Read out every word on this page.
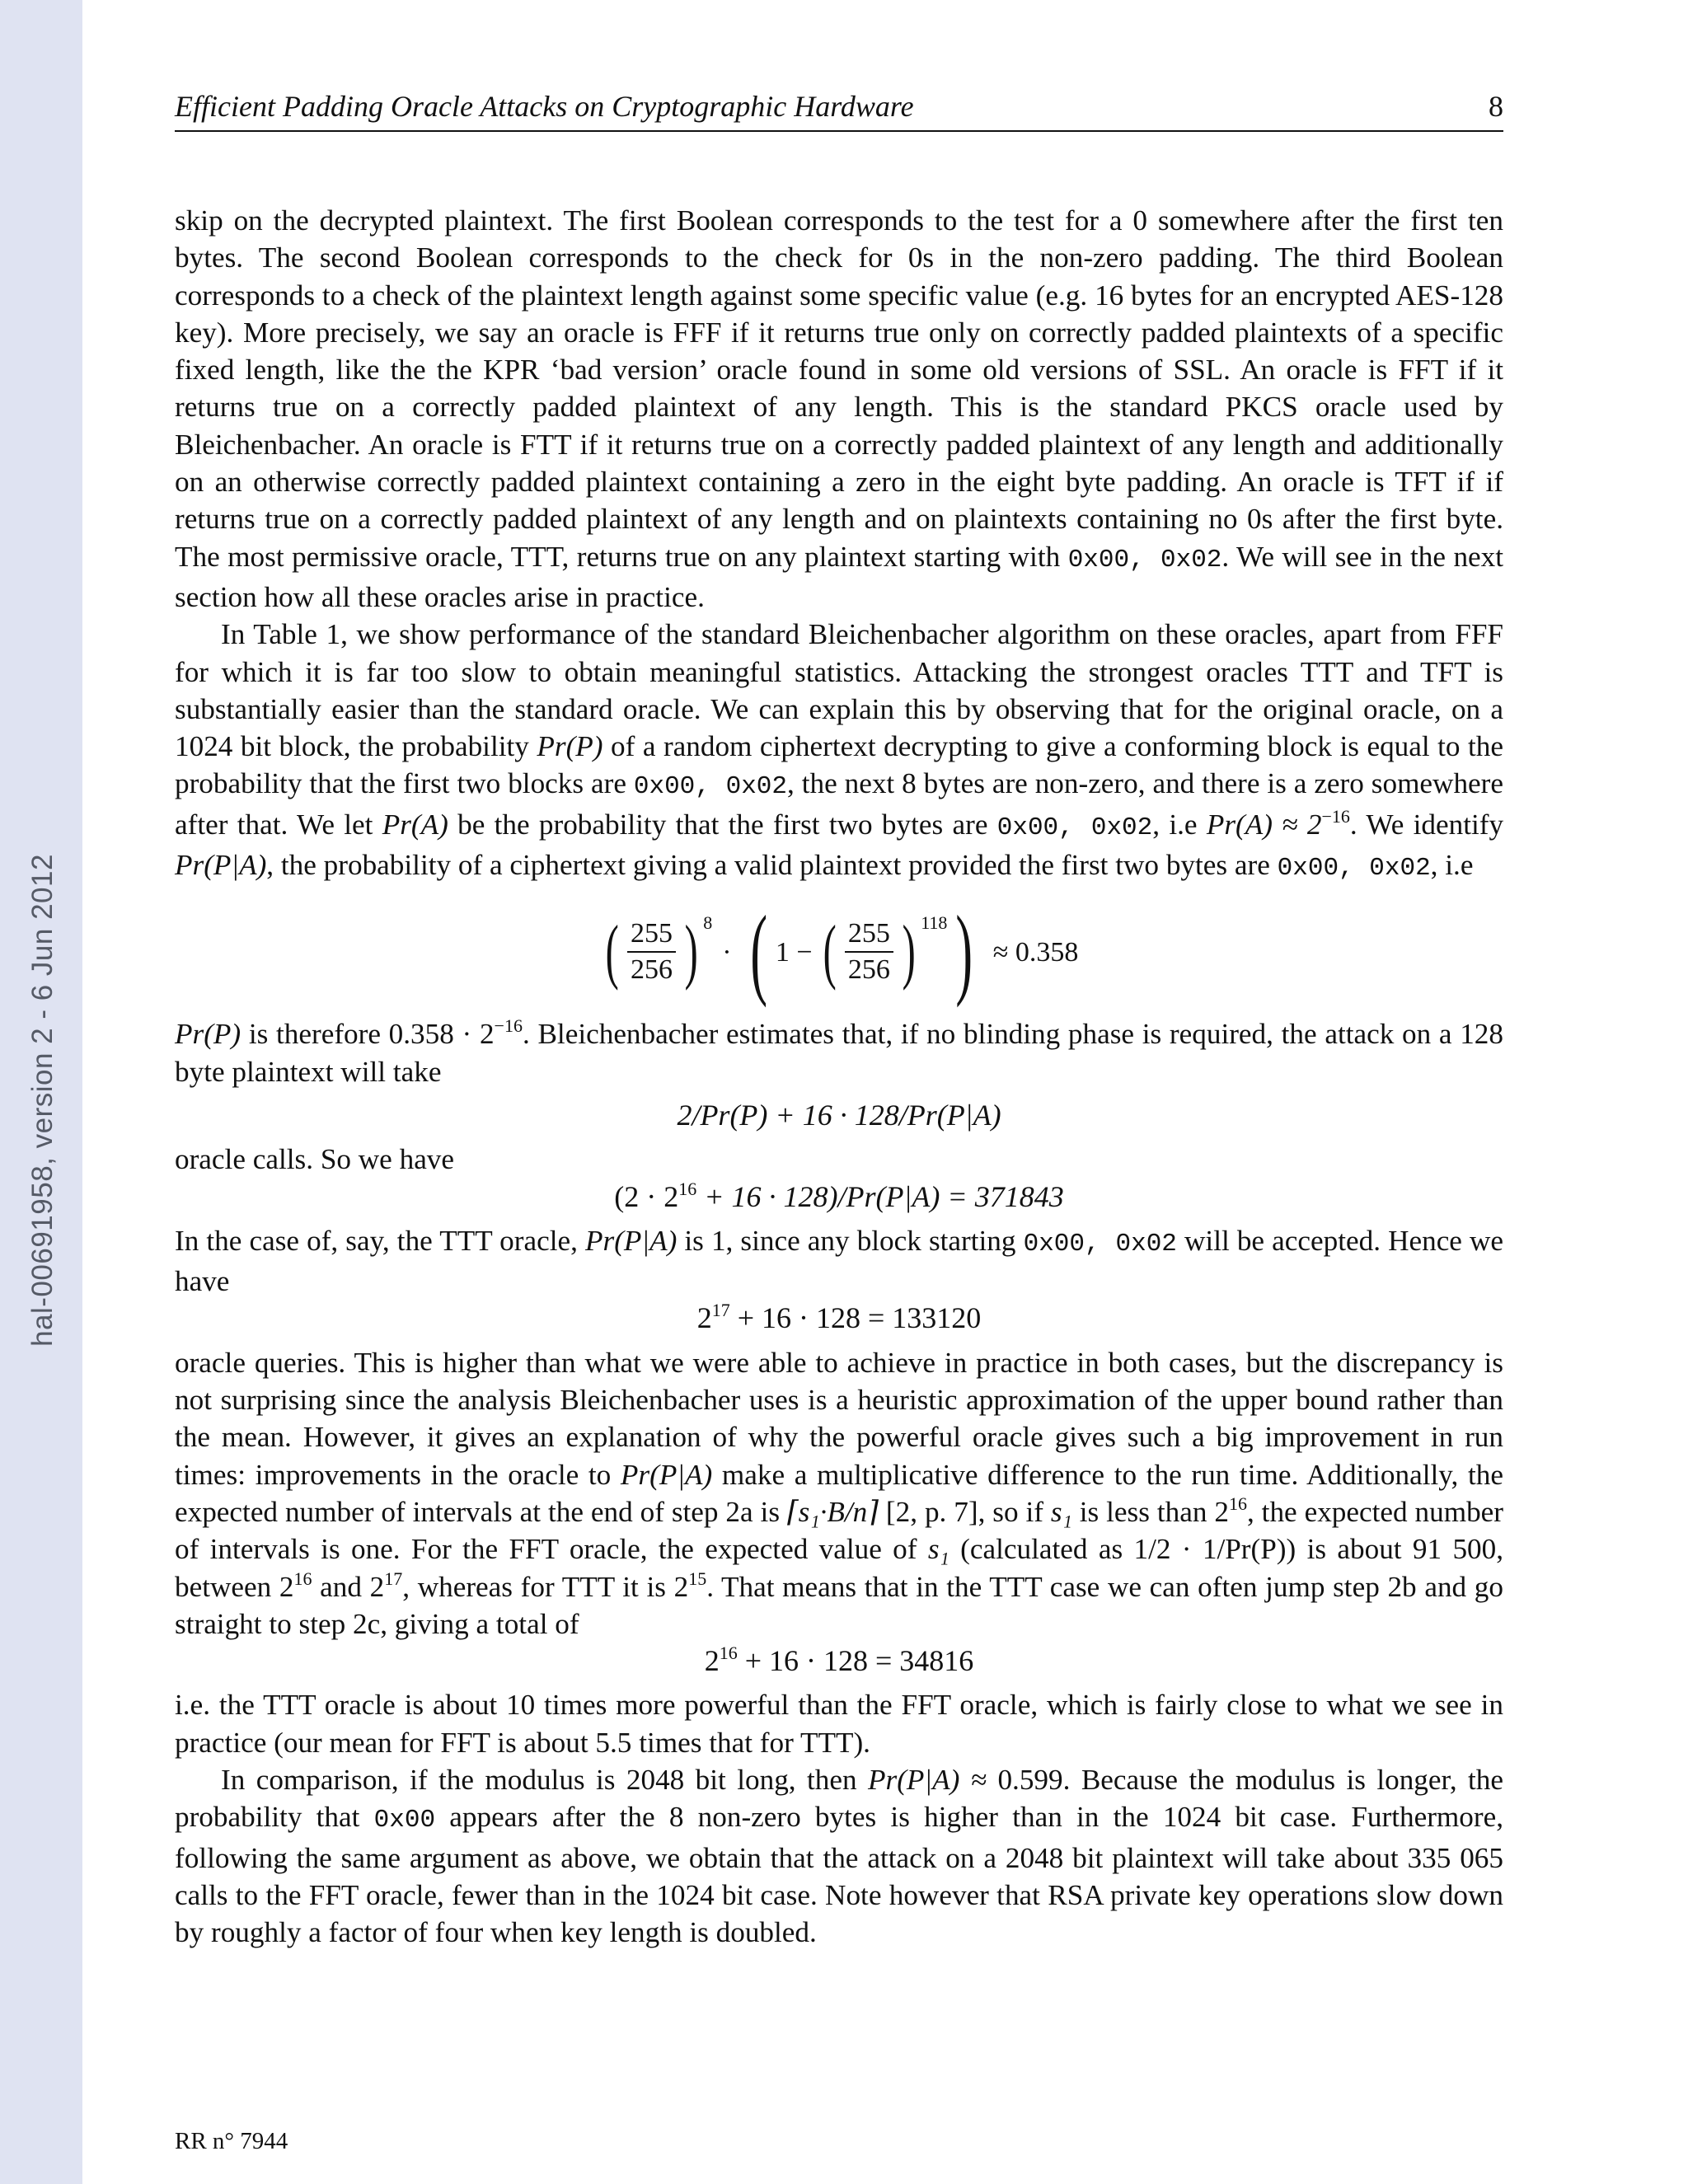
hal-00691958, version 2 - 6 Jun 2012
Efficient Padding Oracle Attacks on Cryptographic Hardware	8

skip on the decrypted plaintext. The first Boolean corresponds to the test for a 0 somewhere after the first ten bytes. The second Boolean corresponds to the check for 0s in the non-zero padding. The third Boolean corresponds to a check of the plaintext length against some specific value (e.g. 16 bytes for an encrypted AES-128 key). More precisely, we say an oracle is FFF if it returns true only on correctly padded plaintexts of a specific fixed length, like the the KPR ‘bad version’ oracle found in some old versions of SSL. An oracle is FFT if it returns true on a correctly padded plaintext of any length. This is the standard PKCS oracle used by Bleichenbacher. An oracle is FTT if it returns true on a correctly padded plaintext of any length and additionally on an otherwise correctly padded plaintext containing a zero in the eight byte padding. An oracle is TFT if if returns true on a correctly padded plaintext of any length and on plaintexts containing no 0s after the first byte. The most permissive oracle, TTT, returns true on any plaintext starting with 0x00, 0x02. We will see in the next section how all these oracles arise in practice.

In Table 1, we show performance of the standard Bleichenbacher algorithm on these oracles, apart from FFF for which it is far too slow to obtain meaningful statistics. Attacking the strongest oracles TTT and TFT is substantially easier than the standard oracle. We can explain this by observing that for the original oracle, on a 1024 bit block, the probability Pr(P) of a random ciphertext decrypting to give a conforming block is equal to the probability that the first two blocks are 0x00, 0x02, the next 8 bytes are non-zero, and there is a zero somewhere after that. We let Pr(A) be the probability that the first two bytes are 0x00, 0x02, i.e $Pr(A) \approx 2^{-16}$. We identify Pr(P|A), the probability of a ciphertext giving a valid plaintext provided the first two bytes are 0x00, 0x02, i.e

( $\frac{255}{256}$ ) $^8$
· ( 1 − ( $\frac{255}{256}$ ) $^{118}$ ) ≈ 0.358

Pr(P) is therefore $0.358 \cdot 2^{-16}$. Bleichenbacher estimates that, if no blinding phase is required, the attack on a 128 byte plaintext will take

2/Pr(P) + 16 · 128/Pr(P|A)

oracle calls. So we have

$(2 \cdot 2^{16} + 16 \cdot 128)/Pr(P|A) = 371843$

In the case of, say, the TTT oracle, Pr(P|A) is 1, since any block starting 0x00, 0x02 will be accepted. Hence we have

$2^{17} + 16 \cdot 128 = 133120$

oracle queries. This is higher than what we were able to achieve in practice in both cases, but the discrepancy is not surprising since the analysis Bleichenbacher uses is a heuristic approximation of the upper bound rather than the mean. However, it gives an explanation of why the powerful oracle gives such a big improvement in run times: improvements in the oracle to Pr(P|A) make a multiplicative difference to the run time. Additionally, the expected number of intervals at the end of step 2a is ⌈s₁·B/n⌉ [2, p. 7], so if s₁ is less than $2^{16}$, the expected number of intervals is one. For the FFT oracle, the expected value of s₁ (calculated as 1/2 · 1/Pr(P)) is about 91 500, between $2^{16}$ and $2^{17}$, whereas for TTT it is $2^{15}$. That means that in the TTT case we can often jump step 2b and go straight to step 2c, giving a total of

$2^{16} + 16 \cdot 128 = 34816$

i.e. the TTT oracle is about 10 times more powerful than the FFT oracle, which is fairly close to what we see in practice (our mean for FFT is about 5.5 times that for TTT).

In comparison, if the modulus is 2048 bit long, then Pr(P|A) ≈ 0.599. Because the modulus is longer, the probability that 0x00 appears after the 8 non-zero bytes is higher than in the 1024 bit case. Furthermore, following the same argument as above, we obtain that the attack on a 2048 bit plaintext will take about 335 065 calls to the FFT oracle, fewer than in the 1024 bit case. Note however that RSA private key operations slow down by roughly a factor of four when key length is doubled.

RR n° 7944
